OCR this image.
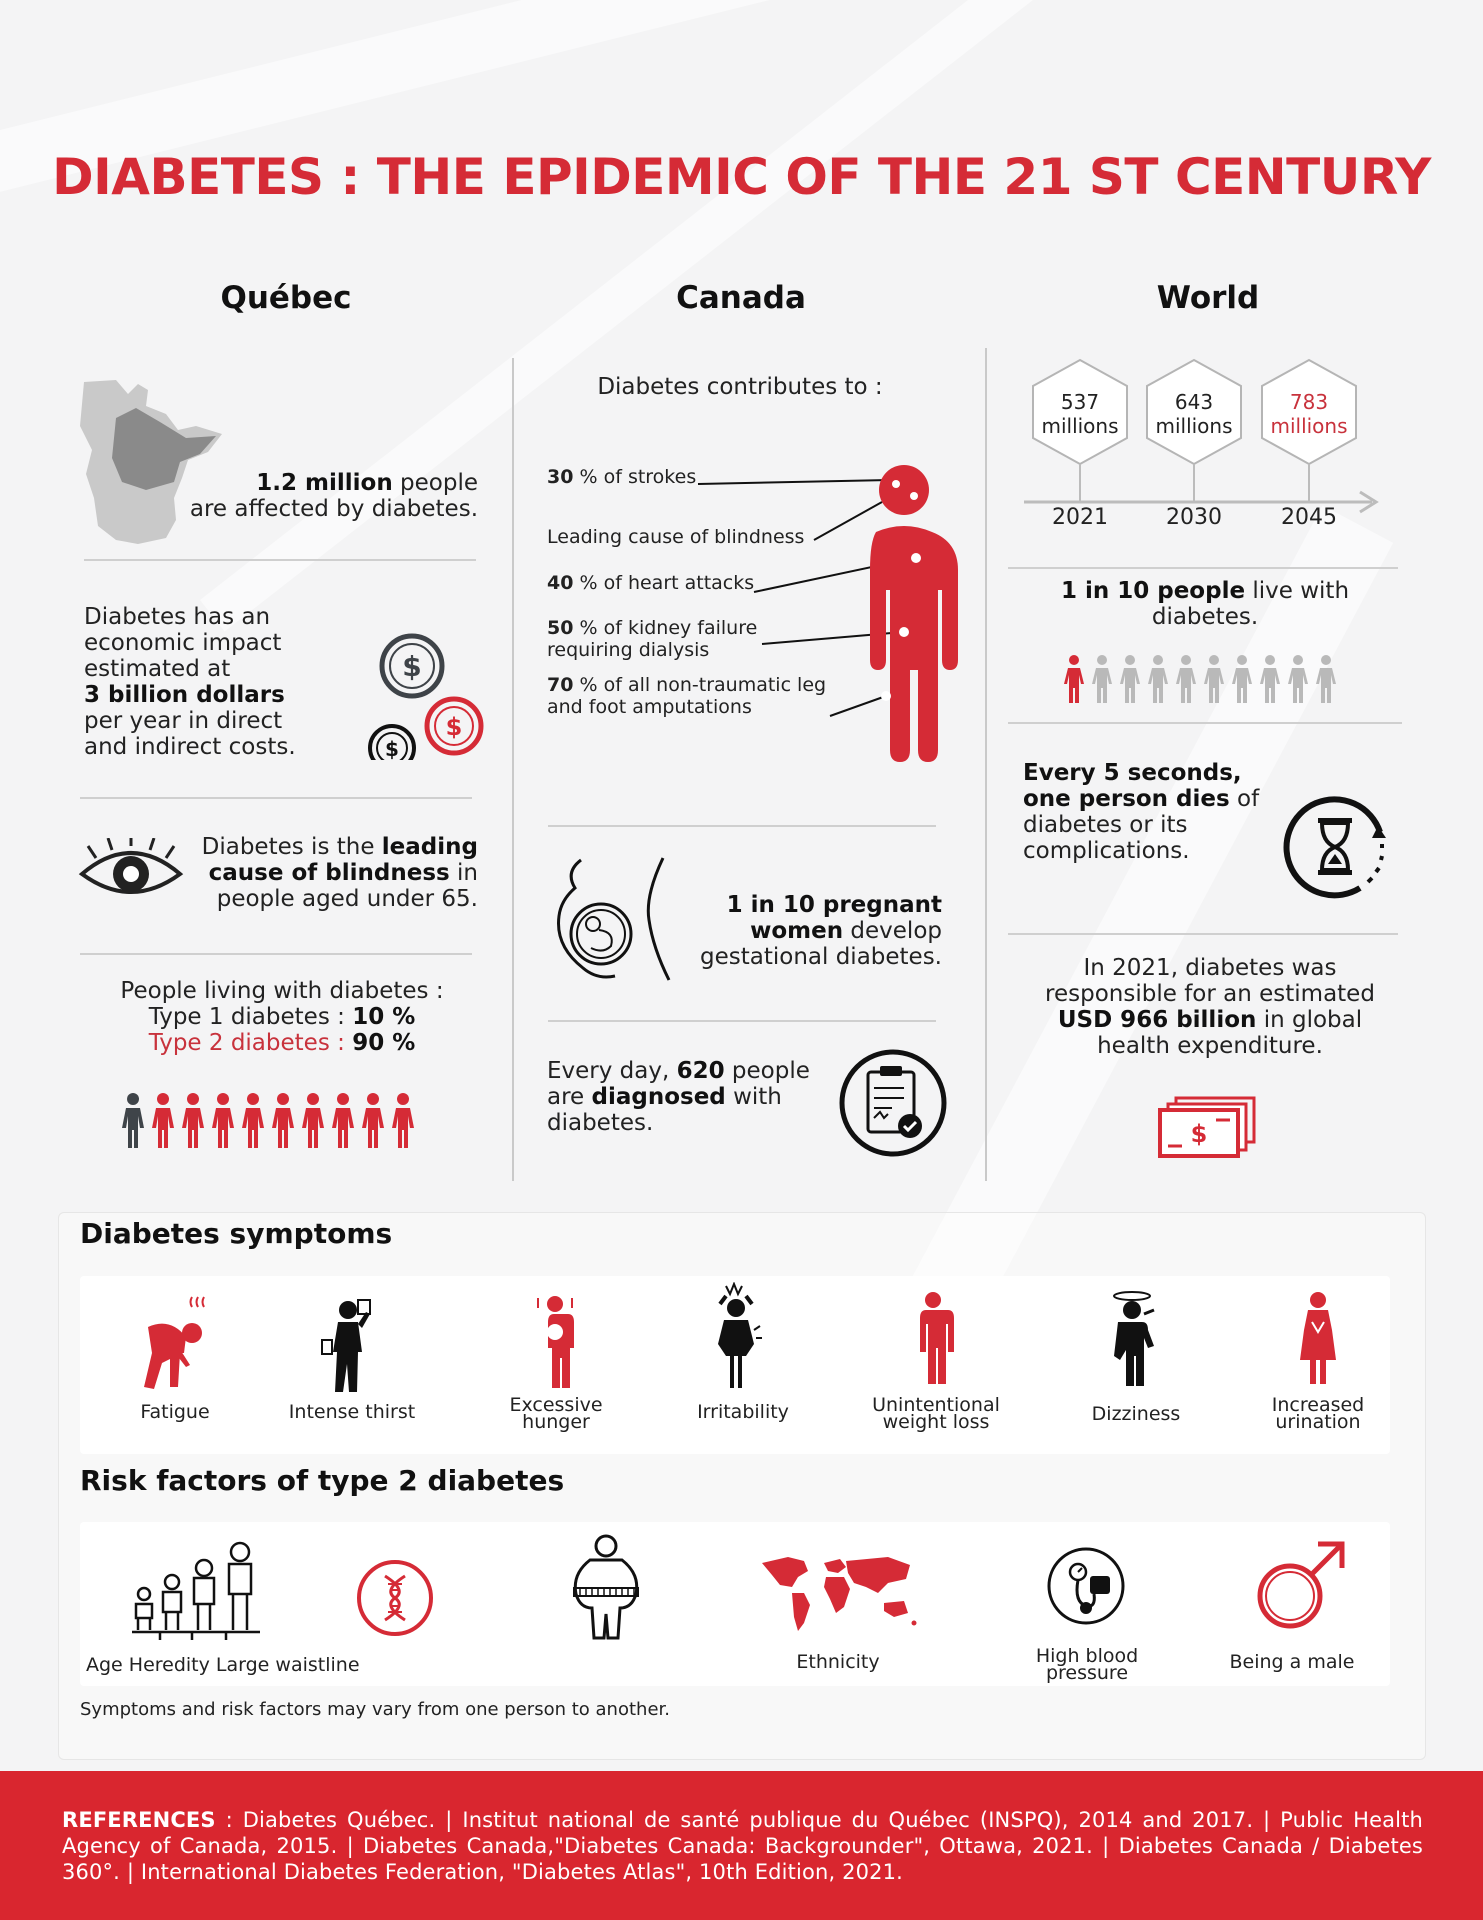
DIABETES : THE EPIDEMIC OF THE 21 ST CENTURY
Québec	Canada	World
1.2 million people
are affected by diabetes.
Diabetes has an
economic impact
estimated at
3 billion dollars
per year in direct
and indirect costs.
$
$
$
Diabetes is the leading
cause of blindness in
people aged under 65.
People living with diabetes :
Type 1 diabetes : 10 %
Type 2 diabetes : 90 %
Diabetes contributes to :
30 % of strokes
Leading cause of blindness
40 % of heart attacks
50 % of kidney failure
requiring dialysis
70 % of all non-traumatic leg
and foot amputations
1 in 10 pregnant
women develop
gestational diabetes.
Every day, 620 people
are diagnosed with
diabetes.
537
millions
643
millions
783
millions
2021	2030	2045
1 in 10 people live with
diabetes.
Every 5 seconds,
one person dies of
diabetes or its
complications.
In 2021, diabetes was
responsible for an estimated
USD 966 billion in global
health expenditure.
$
Diabetes symptoms
Fatigue	Intense thirst	Excessive
hunger	Irritability	Unintentional
weight loss	Dizziness	Increased
urination
Risk factors of type 2 diabetes
Age Heredity Large waistline	Ethnicity	High blood
pressure	Being a male
Symptoms and risk factors may vary from one person to another.
REFERENCES : Diabetes Québec. | Institut national de santé publique du Québec (INSPQ), 2014 and 2017. | Public Health Agency of Canada, 2015. | Diabetes Canada,"Diabetes Canada: Backgrounder", Ottawa, 2021. | Diabetes Canada / Diabetes 360°. | International Diabetes Federation, "Diabetes Atlas", 10th Edition, 2021.
